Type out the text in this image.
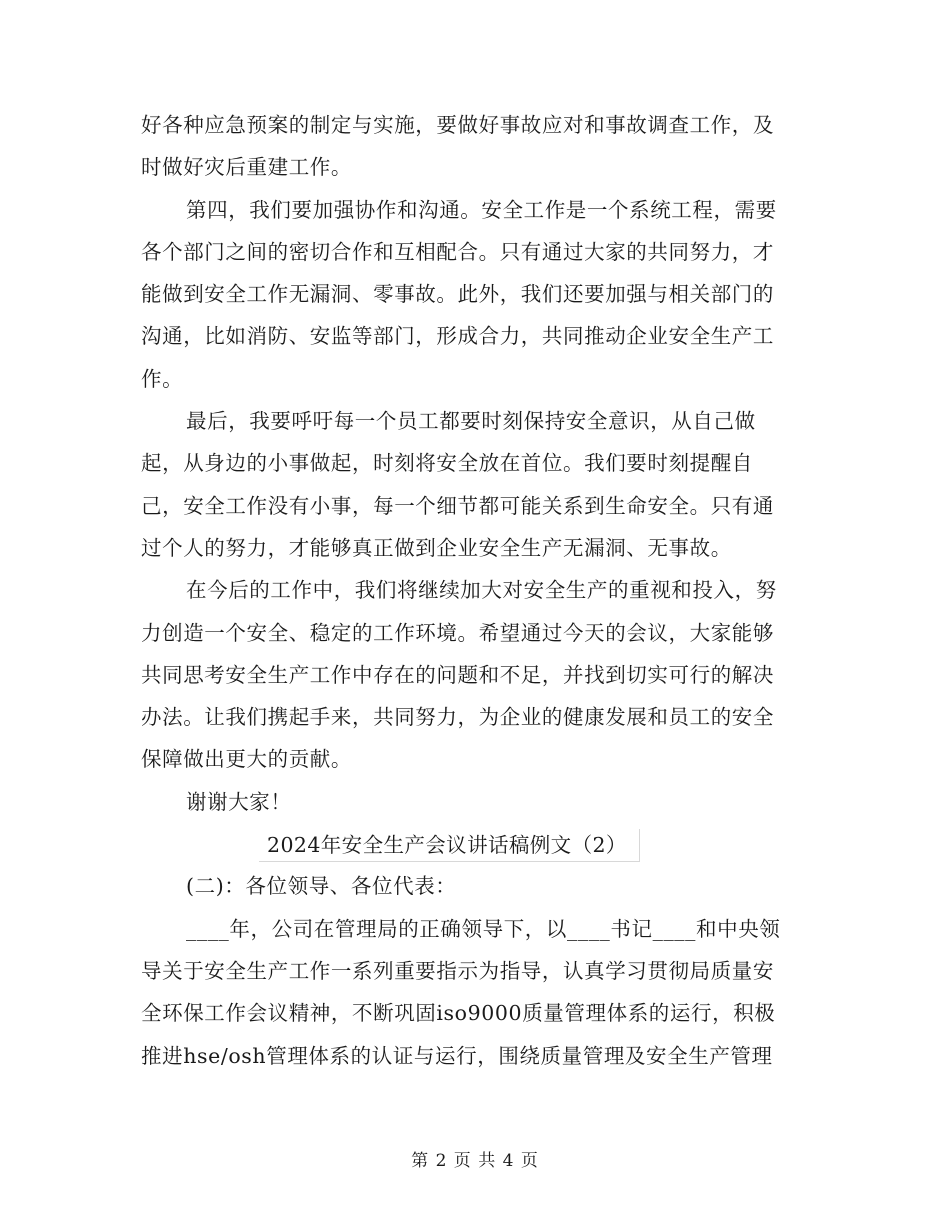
好各种应急预案的制定与实施，要做好事故应对和事故调查工作，及
时做好灾后重建工作。
第四，我们要加强协作和沟通。安全工作是一个系统工程，需要
各个部门之间的密切合作和互相配合。只有通过大家的共同努力，才
能做到安全工作无漏洞、零事故。此外，我们还要加强与相关部门的
沟通，比如消防、安监等部门，形成合力，共同推动企业安全生产工
作。
最后，我要呼吁每一个员工都要时刻保持安全意识，从自己做
起，从身边的小事做起，时刻将安全放在首位。我们要时刻提醒自
己，安全工作没有小事，每一个细节都可能关系到生命安全。只有通
过个人的努力，才能够真正做到企业安全生产无漏洞、无事故。
在今后的工作中，我们将继续加大对安全生产的重视和投入，努
力创造一个安全、稳定的工作环境。希望通过今天的会议，大家能够
共同思考安全生产工作中存在的问题和不足，并找到切实可行的解决
办法。让我们携起手来，共同努力，为企业的健康发展和员工的安全
保障做出更大的贡献。
谢谢大家！
2024年安全生产会议讲话稿例文（2）
(二)：各位领导、各位代表：
____年，公司在管理局的正确领导下，以____书记____和中央领
导关于安全生产工作一系列重要指示为指导，认真学习贯彻局质量安
全环保工作会议精神，不断巩固iso9000质量管理体系的运行，积极
推进hse/osh管理体系的认证与运行，围绕质量管理及安全生产管理
第 2 页 共 4 页
